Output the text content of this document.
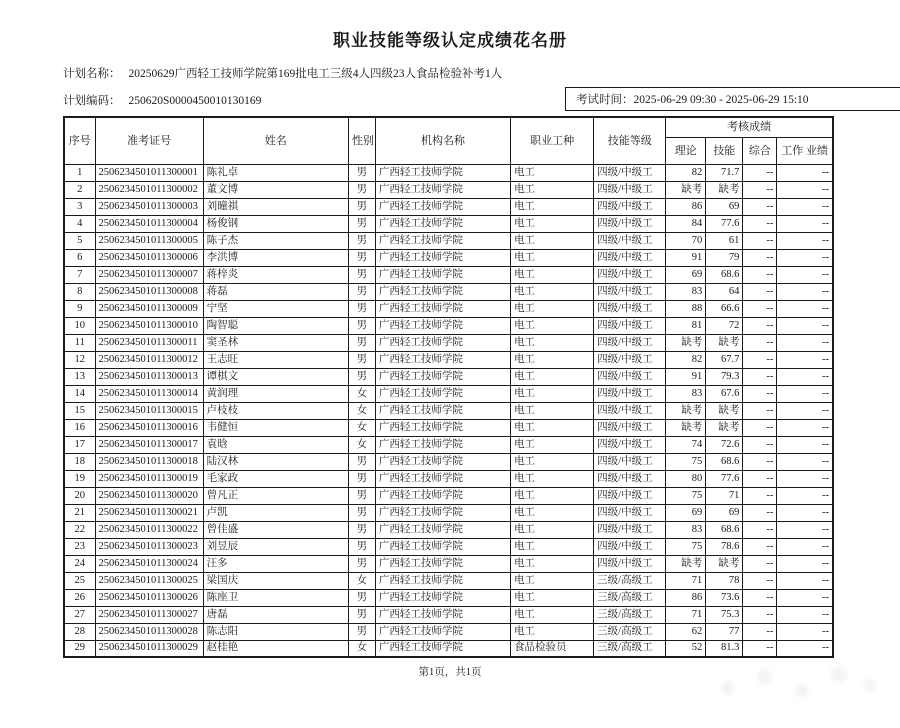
职业技能等级认定成绩花名册
计划名称： 20250629广西轻工技师学院第169批电工三级4人四级23人食品检验补考1人
计划编码： 250620S0000450010130169	考试时间：2025-06-29 09:30 - 2025-06-29 15:10
序号	准考证号	姓名	性别	机构名称	职业工种	技能等级	考核成绩			
							理论	技能	综合	工作 业绩
1	2506234501011300001	陈礼卓	男	广西轻工技师学院	电工	四级/中级工	82	71.7	--	--
2	2506234501011300002	董文博	男	广西轻工技师学院	电工	四级/中级工	缺考	缺考	--	--
3	2506234501011300003	刘曈祺	男	广西轻工技师学院	电工	四级/中级工	86	69	--	--
4	2506234501011300004	杨俊钢	男	广西轻工技师学院	电工	四级/中级工	84	77.6	--	--
5	2506234501011300005	陈子杰	男	广西轻工技师学院	电工	四级/中级工	70	61	--	--
6	2506234501011300006	李洪博	男	广西轻工技师学院	电工	四级/中级工	91	79	--	--
7	2506234501011300007	蒋梓炎	男	广西轻工技师学院	电工	四级/中级工	69	68.6	--	--
8	2506234501011300008	蒋磊	男	广西轻工技师学院	电工	四级/中级工	83	64	--	--
9	2506234501011300009	宁坚	男	广西轻工技师学院	电工	四级/中级工	88	66.6	--	--
10	2506234501011300010	陶智聪	男	广西轻工技师学院	电工	四级/中级工	81	72	--	--
11	2506234501011300011	窦圣林	男	广西轻工技师学院	电工	四级/中级工	缺考	缺考	--	--
12	2506234501011300012	王志旺	男	广西轻工技师学院	电工	四级/中级工	82	67.7	--	--
13	2506234501011300013	谭棋文	男	广西轻工技师学院	电工	四级/中级工	91	79.3	--	--
14	2506234501011300014	黄润理	女	广西轻工技师学院	电工	四级/中级工	83	67.6	--	--
15	2506234501011300015	卢枝枝	女	广西轻工技师学院	电工	四级/中级工	缺考	缺考	--	--
16	2506234501011300016	韦健恒	女	广西轻工技师学院	电工	四级/中级工	缺考	缺考	--	--
17	2506234501011300017	袁晗	女	广西轻工技师学院	电工	四级/中级工	74	72.6	--	--
18	2506234501011300018	陆汉林	男	广西轻工技师学院	电工	四级/中级工	75	68.6	--	--
19	2506234501011300019	毛家政	男	广西轻工技师学院	电工	四级/中级工	80	77.6	--	--
20	2506234501011300020	曾凡正	男	广西轻工技师学院	电工	四级/中级工	75	71	--	--
21	2506234501011300021	卢凯	男	广西轻工技师学院	电工	四级/中级工	69	69	--	--
22	2506234501011300022	曾佳盛	男	广西轻工技师学院	电工	四级/中级工	83	68.6	--	--
23	2506234501011300023	刘昱辰	男	广西轻工技师学院	电工	四级/中级工	75	78.6	--	--
24	2506234501011300024	汪多	男	广西轻工技师学院	电工	四级/中级工	缺考	缺考	--	--
25	2506234501011300025	梁国庆	女	广西轻工技师学院	电工	三级/高级工	71	78	--	--
26	2506234501011300026	陈座卫	男	广西轻工技师学院	电工	三级/高级工	86	73.6	--	--
27	2506234501011300027	唐磊	男	广西轻工技师学院	电工	三级/高级工	71	75.3	--	--
28	2506234501011300028	陈志阳	男	广西轻工技师学院	电工	三级/高级工	62	77	--	--
29	2506234501011300029	赵桂艳	女	广西轻工技师学院	食品检验员	三级/高级工	52	81.3	--	--
第1页，共1页
